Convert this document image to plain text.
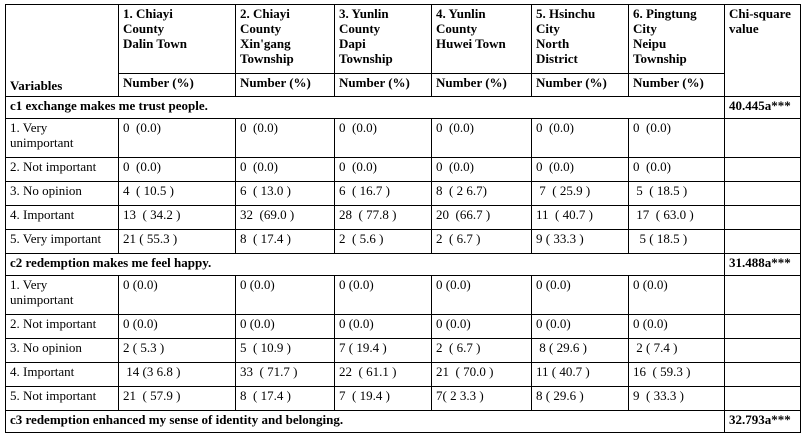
Variables	1. Chiayi
County
Dalin Town	2. Chiayi
County
Xin'gang
Township	3. Yunlin
County
Dapi
Township	4. Yunlin
County
Huwei Town	5. Hsinchu
City
North
District	6. Pingtung
City
Neipu
Township	Chi-square
value
	Number (%)	Number (%)	Number (%)	Number (%)	Number (%)	Number (%)	
c1 exchange makes me trust people.							40.445a***
1. Very
unimportant	0  (0.0)	0  (0.0)	0  (0.0)	0  (0.0)	0  (0.0)	0  (0.0)	
2. Not important	0  (0.0)	0  (0.0)	0  (0.0)	0  (0.0)	0  (0.0)	0  (0.0)	
3. No opinion	4  ( 10.5 )	6  ( 13.0 )	6  ( 16.7 )	8  ( 2 6.7)	7  ( 25.9 )	5  ( 18.5 )	
4. Important	13  ( 34.2 )	32  (69.0 )	28  ( 77.8 )	20  (66.7 )	11  ( 40.7 )	17  ( 63.0 )	
5. Very important	21 ( 55.3 )	8  ( 17.4 )	2  ( 5.6 )	2  ( 6.7 )	9 ( 33.3 )	5 ( 18.5 )	
c2 redemption makes me feel happy.							31.488a***
1. Very
unimportant	0 (0.0)	0 (0.0)	0 (0.0)	0 (0.0)	0 (0.0)	0 (0.0)	
2. Not important	0 (0.0)	0 (0.0)	0 (0.0)	0 (0.0)	0 (0.0)	0 (0.0)	
3. No opinion	2 ( 5.3 )	5  ( 10.9 )	7 ( 19.4 )	2  ( 6.7 )	8 ( 29.6 )	2 ( 7.4 )	
4. Important	14 (3 6.8 )	33  ( 71.7 )	22  ( 61.1 )	21  ( 70.0 )	11 ( 40.7 )	16  ( 59.3 )	
5. Not important	21  ( 57.9 )	8  ( 17.4 )	7  ( 19.4 )	7( 2 3.3 )	8 ( 29.6 )	9  ( 33.3 )	
c3 redemption enhanced my sense of identity and belonging.							32.793a***
